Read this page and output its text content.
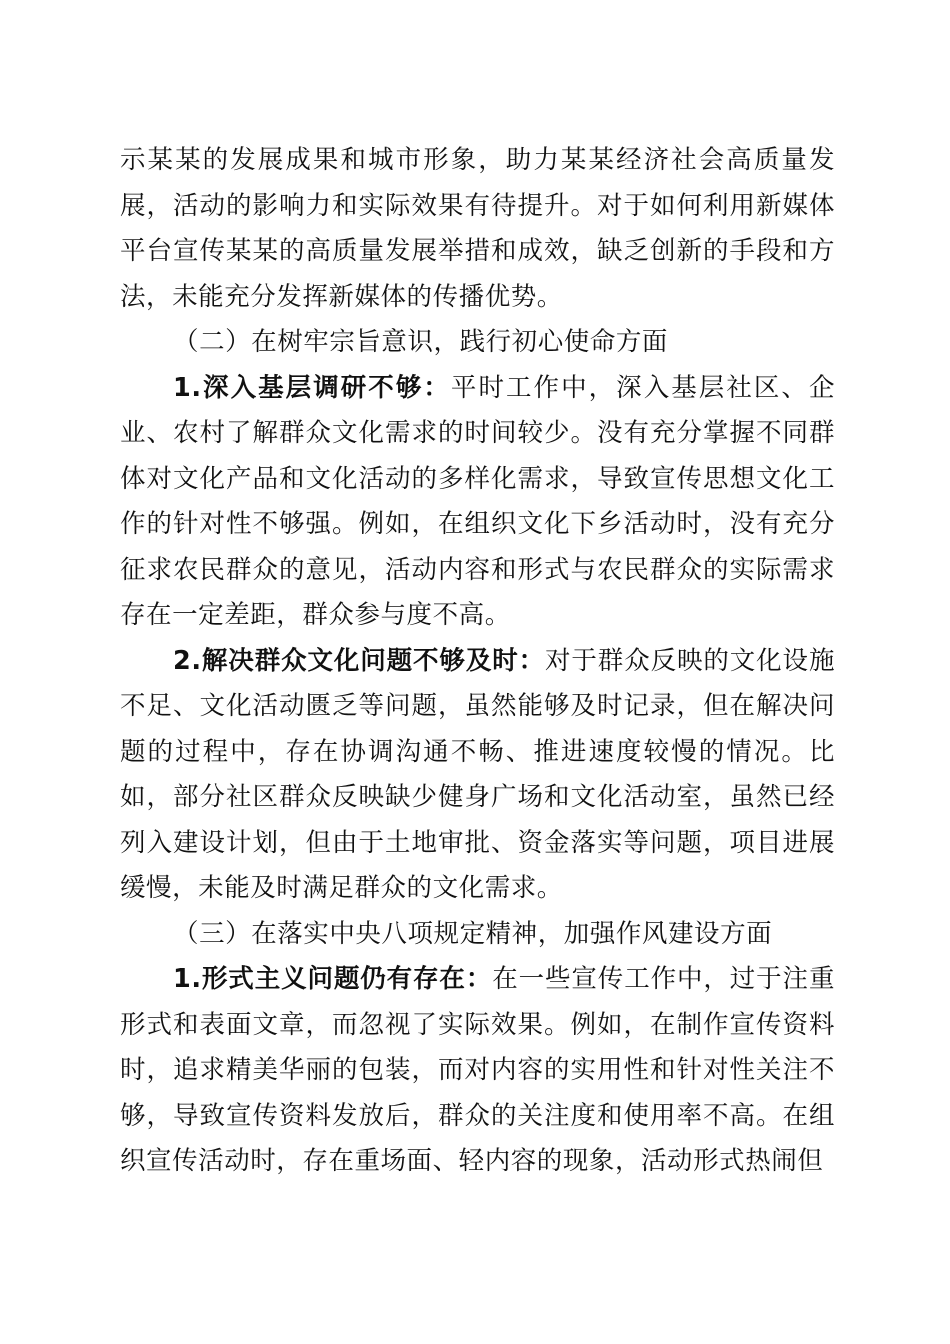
示某某的发展成果和城市形象，助力某某经济社会高质量发展，活动的影响力和实际效果有待提升。对于如何利用新媒体平台宣传某某的高质量发展举措和成效，缺乏创新的手段和方法，未能充分发挥新媒体的传播优势。

（二）在树牢宗旨意识，践行初心使命方面

1.深入基层调研不够：平时工作中，深入基层社区、企业、农村了解群众文化需求的时间较少。没有充分掌握不同群体对文化产品和文化活动的多样化需求，导致宣传思想文化工作的针对性不够强。例如，在组织文化下乡活动时，没有充分征求农民群众的意见，活动内容和形式与农民群众的实际需求存在一定差距，群众参与度不高。

2.解决群众文化问题不够及时：对于群众反映的文化设施不足、文化活动匮乏等问题，虽然能够及时记录，但在解决问题的过程中，存在协调沟通不畅、推进速度较慢的情况。比如，部分社区群众反映缺少健身广场和文化活动室，虽然已经列入建设计划，但由于土地审批、资金落实等问题，项目进展缓慢，未能及时满足群众的文化需求。

（三）在落实中央八项规定精神，加强作风建设方面

1.形式主义问题仍有存在：在一些宣传工作中，过于注重形式和表面文章，而忽视了实际效果。例如，在制作宣传资料时，追求精美华丽的包装，而对内容的实用性和针对性关注不够，导致宣传资料发放后，群众的关注度和使用率不高。在组织宣传活动时，存在重场面、轻内容的现象，活动形式热闹但
